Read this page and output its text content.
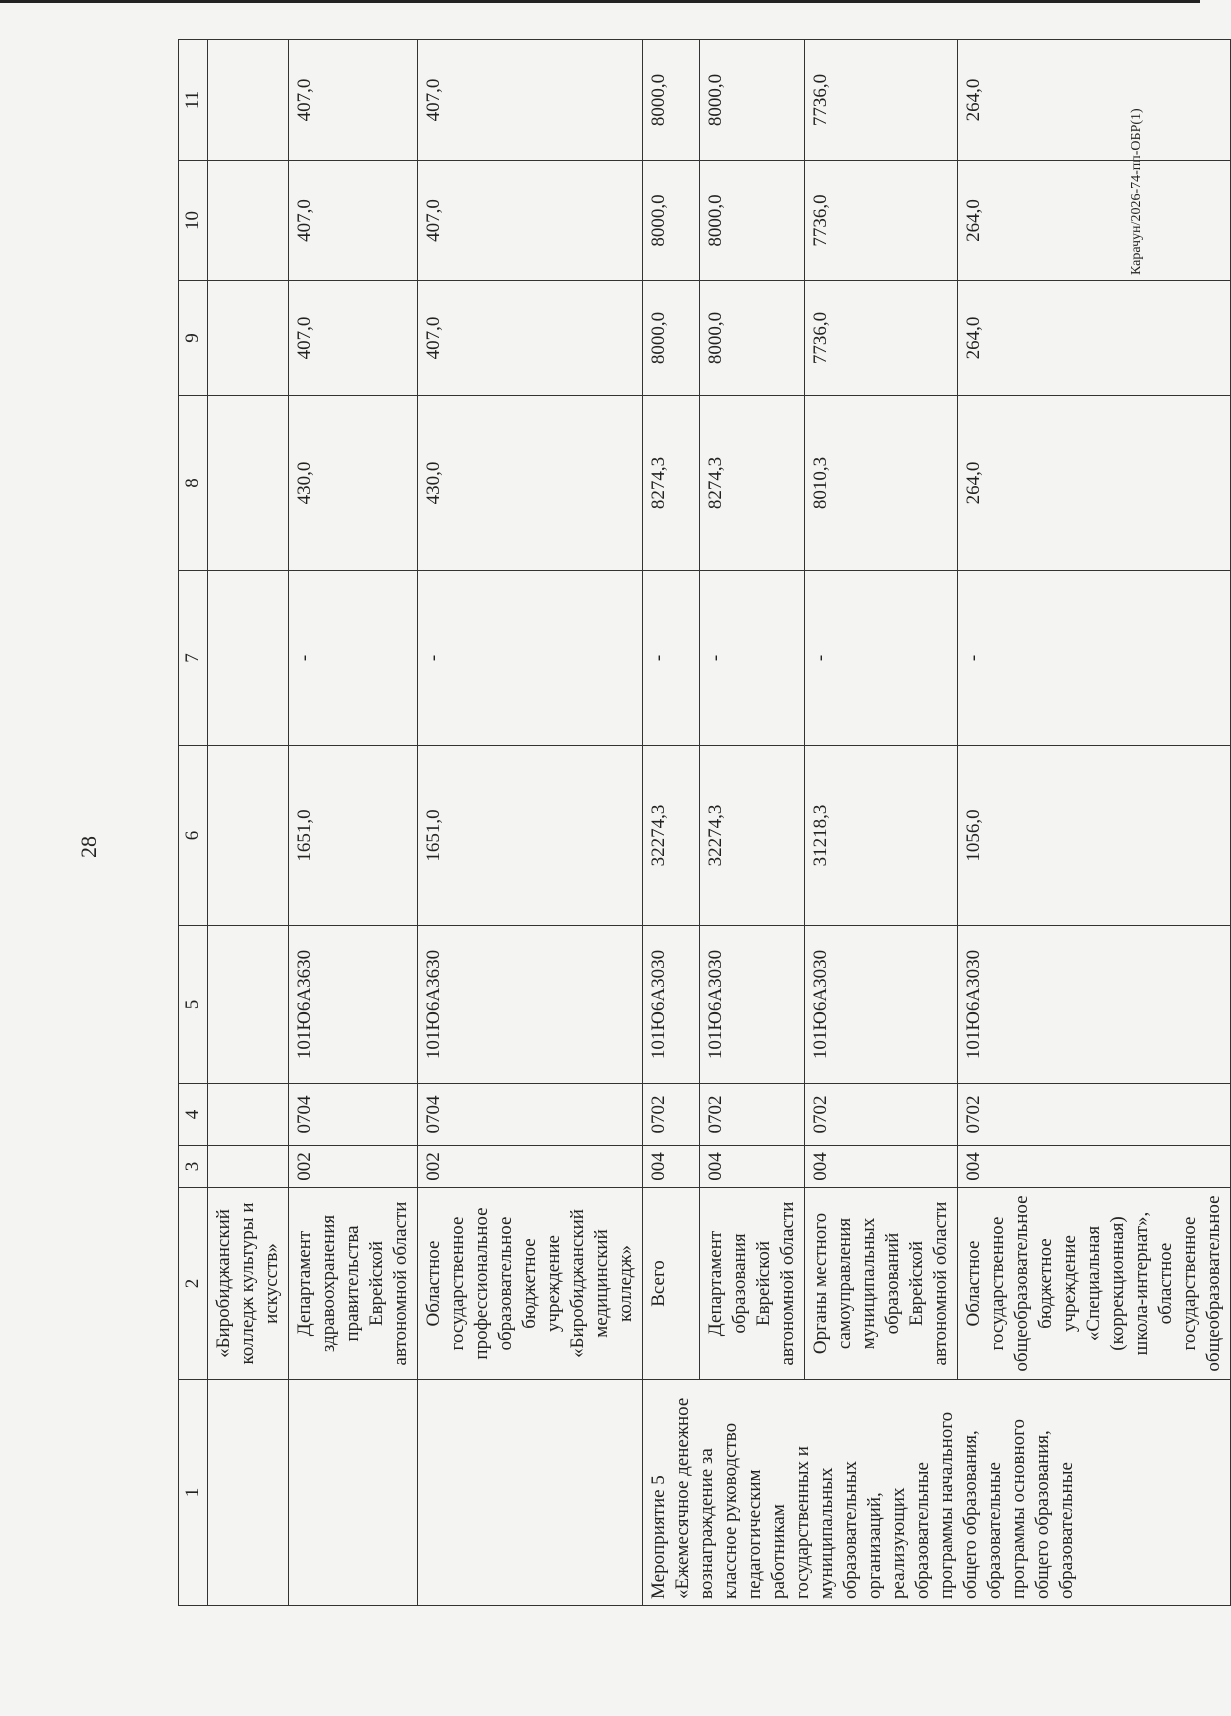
28
Карачун/2026-74-пп-ОБР(1)
1	2	3	4	5	6	7	8	9	10	11
	«Биробиджанский колледж культуры и искусств»									
	Департамент здравоохранения правительства Еврейской автономной области	002	0704	101Ю6А3630	1651,0	-	430,0	407,0	407,0	407,0
	Областное государственное профессиональное образовательное бюджетное учреждение «Биробиджанский медицинский колледж»	002	0704	101Ю6А3630	1651,0	-	430,0	407,0	407,0	407,0
Мероприятие 5 «Ежемесячное денежное вознаграждение за классное руководство педагогическим работникам государственных и муниципальных образовательных организаций, реализующих образовательные программы начального общего образования, образовательные программы основного общего образования, образовательные	Всего	004	0702	101Ю6А3030	32274,3	-	8274,3	8000,0	8000,0	8000,0
	Департамент образования Еврейской автономной области	004	0702	101Ю6А3030	32274,3	-	8274,3	8000,0	8000,0	8000,0
	Органы местного самоуправления муниципальных образований Еврейской автономной области	004	0702	101Ю6А3030	31218,3	-	8010,3	7736,0	7736,0	7736,0
	Областное государственное общеобразовательное бюджетное учреждение «Специальная (коррекционная) школа-интернат», областное государственное общеобразовательное	004	0702	101Ю6А3030	1056,0	-	264,0	264,0	264,0	264,0
